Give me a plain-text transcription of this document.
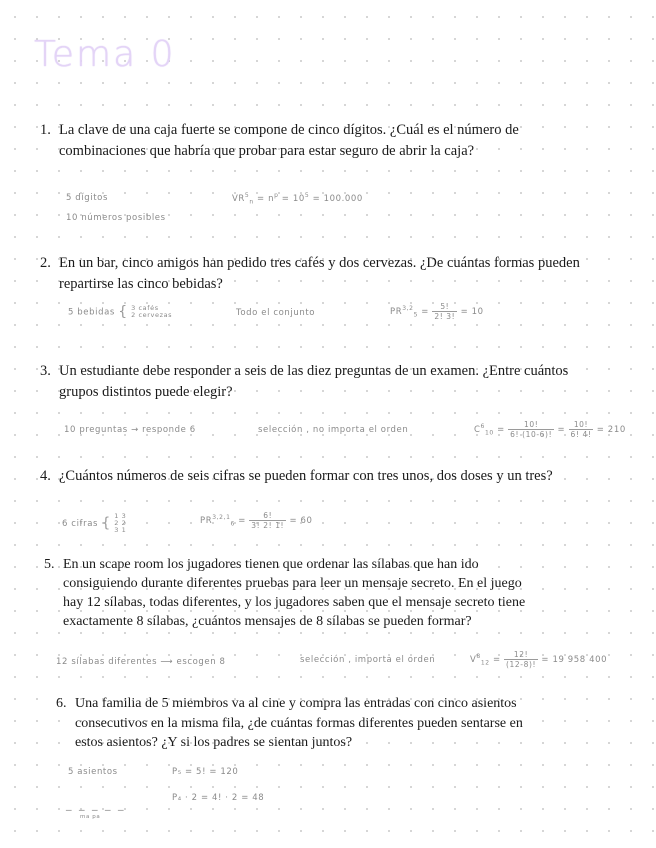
Tema 0
1. La clave de una caja fuerte se compone de cinco dígitos. ¿Cuál es el número de combinaciones que habría que probar para estar seguro de abrir la caja?
5 dígitos
10 números posibles
$VR^5_n = n^p = 10^5 = 100.000$
2. En un bar, cinco amigos han pedido tres cafés y dos cervezas. ¿De cuántas formas pueden repartirse las cinco bebidas?
5 bebidas { 3 cafés
2 cervezas	Todo el conjunto	$PR^{3,2}_5 = \frac{5!}{2! 3!} = 10$
3. Un estudiante debe responder a seis de las diez preguntas de un examen. ¿Entre cuántos grupos distintos puede elegir?
10 preguntas → responde 6	selección , no importa el orden	$C^6_{10} = \frac{10!}{6! (10-6)!} = \frac{10!}{6! 4!} = 210$
4. ¿Cuántos números de seis cifras se pueden formar con tres unos, dos doses y un tres?
6 cifras { 1 3
2 2
3 1
$PR^{3,2,1}_6 = \frac{6!}{3! 2! 1!} = 60$
5. En un scape room los jugadores tienen que ordenar las sílabas que han ido consiguiendo durante diferentes pruebas para leer un mensaje secreto. En el juego hay 12 sílabas, todas diferentes, y los jugadores saben que el mensaje secreto tiene exactamente 8 sílabas, ¿cuántos mensajes de 8 sílabas se pueden formar?
12 sílabas diferentes ⟶ escogen 8	selección , importa el orden	$V^8_{12} = \frac{12!}{(12-8)!} = 19$ 958 400
6. Una familia de 5 miembros va al cine y compra las entradas con cinco asientos consecutivos en la misma fila, ¿de cuántas formas diferentes pueden sentarse en estos asientos? ¿Y si los padres se sientan juntos?
5 asientos	P₅ = 5! = 120
P₄ · 2 = 4! · 2 = 48
_ _ _ _ _
ma pa
